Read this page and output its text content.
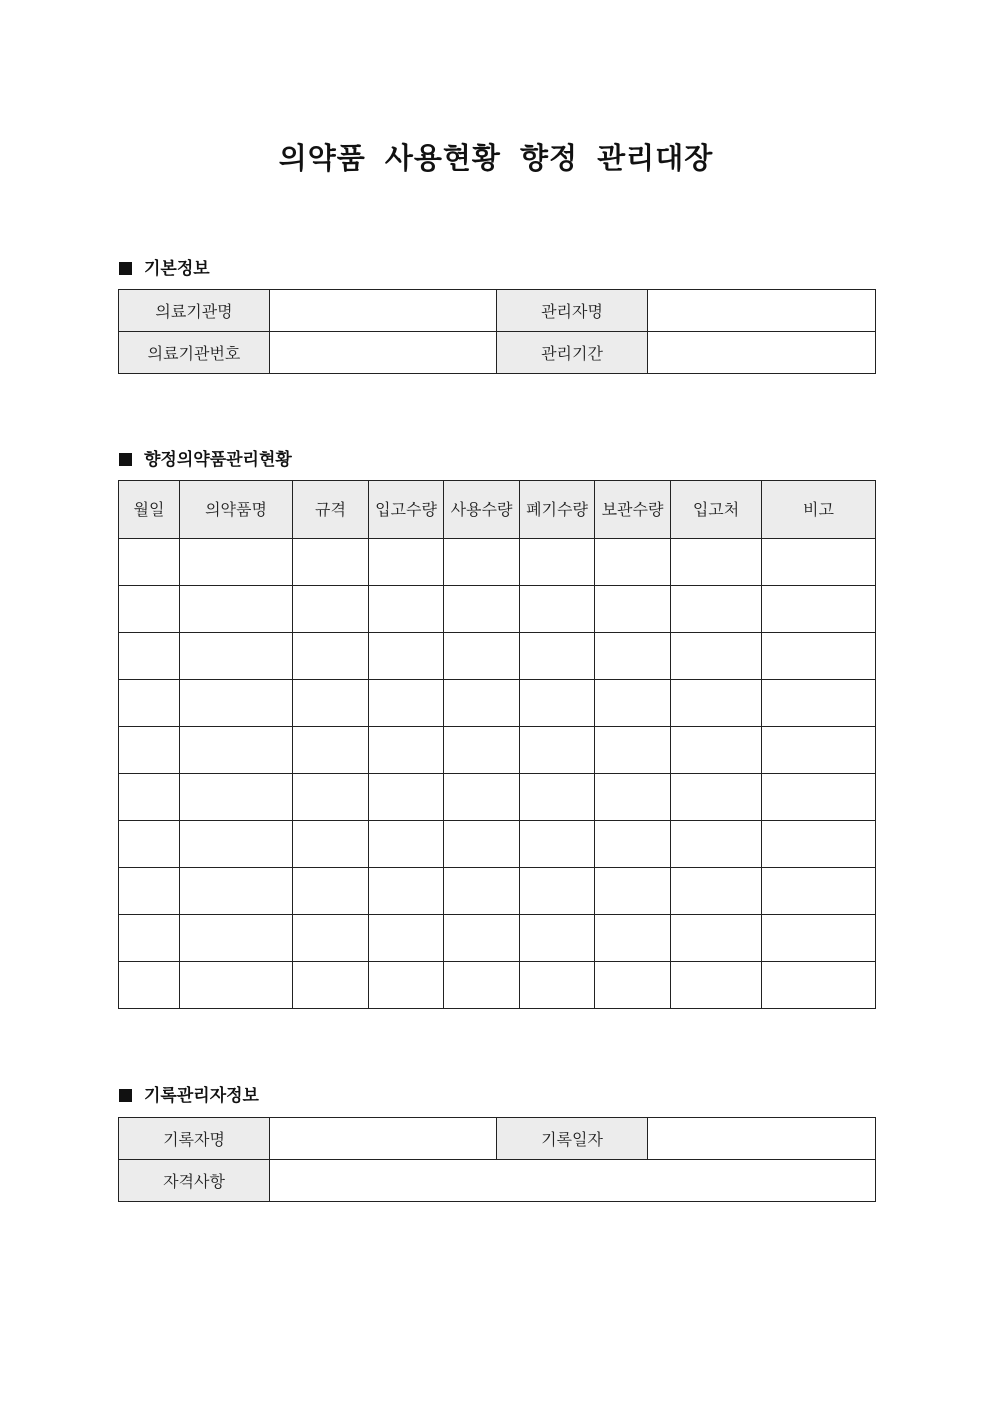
의약품 사용현황 향정 관리대장
기본정보
의료기관명		관리자명	
의료기관번호		관리기간	
향정의약품관리현황
월일	의약품명	규격	입고수량	사용수량	폐기수량	보관수량	입고처	비고

기록관리자정보
기록자명		기록일자	
자격사항			
